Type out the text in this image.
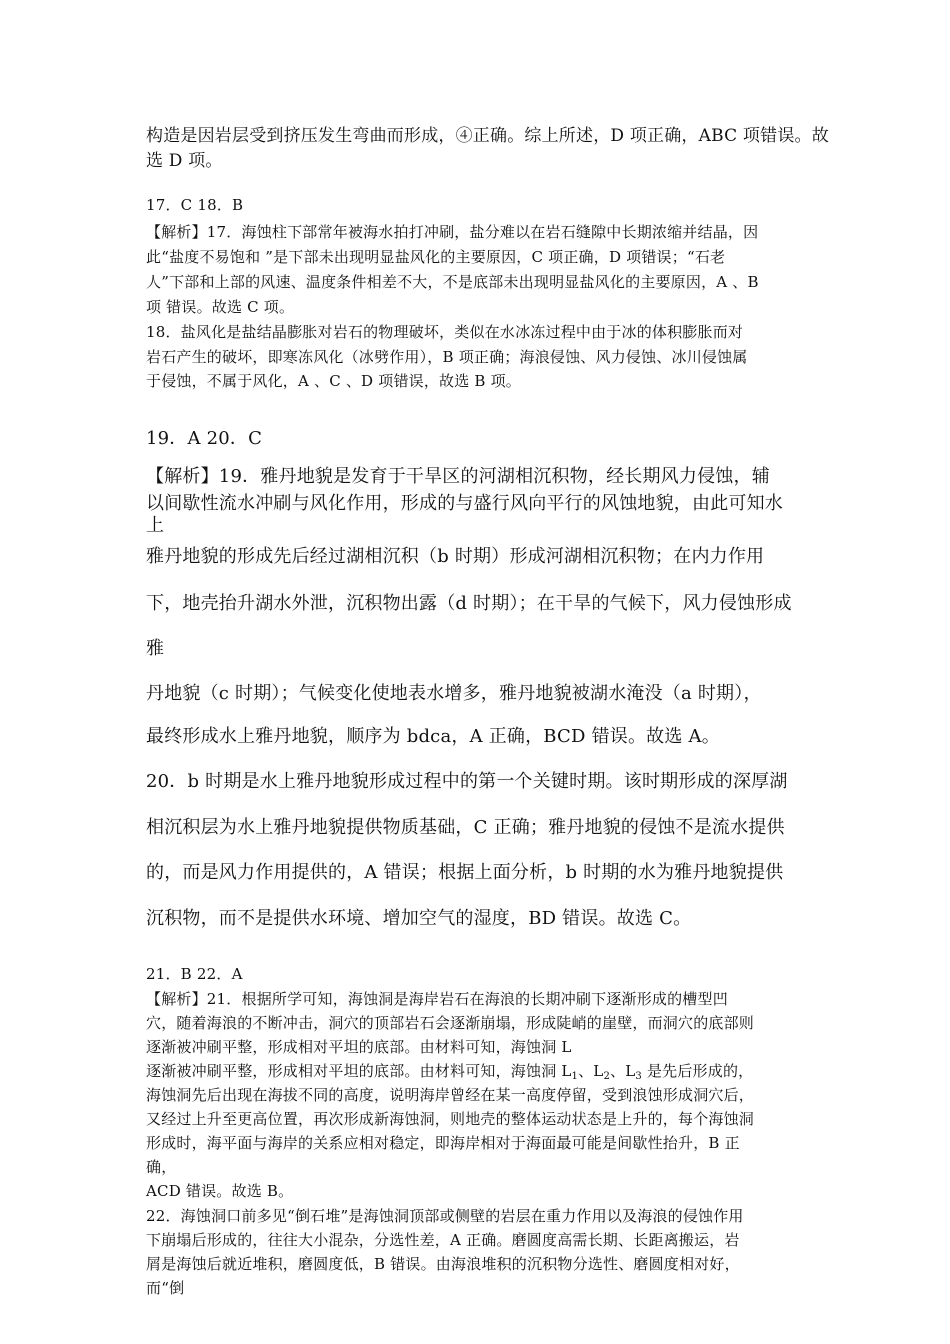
构造是因岩层受到挤压发生弯曲而形成，④正确。综上所述，D 项正确，ABC 项错误。故
选 D 项。
17．C 18．B
【解析】17．海蚀柱下部常年被海水拍打冲刷，盐分难以在岩石缝隙中长期浓缩并结晶，因
此“盐度不易饱和 ”是下部未出现明显盐风化的主要原因，C 项正确，D 项错误；“石老
人”下部和上部的风速、温度条件相差不大，不是底部未出现明显盐风化的主要原因，A 、B
项 错误。故选 C 项。
18．盐风化是盐结晶膨胀对岩石的物理破坏，类似在水冰冻过程中由于冰的体积膨胀而对
岩石产生的破坏，即寒冻风化（冰劈作用），B 项正确；海浪侵蚀、风力侵蚀、冰川侵蚀属
于侵蚀，不属于风化，A 、C 、D 项错误，故选 B 项。
19．A 20．C
【解析】19．雅丹地貌是发育于干旱区的河湖相沉积物，经长期风力侵蚀，辅
以间歇性流水冲刷与风化作用，形成的与盛行风向平行的风蚀地貌，由此可知水
上
雅丹地貌的形成先后经过湖相沉积（b 时期）形成河湖相沉积物；在内力作用
下，地壳抬升湖水外泄，沉积物出露（d 时期）；在干旱的气候下，风力侵蚀形成
雅
丹地貌（c 时期）；气候变化使地表水增多，雅丹地貌被湖水淹没（a 时期），
最终形成水上雅丹地貌，顺序为 bdca，A 正确，BCD 错误。故选 A。
20．b 时期是水上雅丹地貌形成过程中的第一个关键时期。该时期形成的深厚湖
相沉积层为水上雅丹地貌提供物质基础，C 正确；雅丹地貌的侵蚀不是流水提供
的，而是风力作用提供的，A 错误；根据上面分析，b 时期的水为雅丹地貌提供
沉积物，而不是提供水环境、增加空气的湿度，BD 错误。故选 C。
21．B 22．A
【解析】21．根据所学可知，海蚀洞是海岸岩石在海浪的长期冲刷下逐渐形成的槽型凹
穴，随着海浪的不断冲击，洞穴的顶部岩石会逐渐崩塌，形成陡峭的崖壁，而洞穴的底部则
逐渐被冲刷平整，形成相对平坦的底部。由材料可知，海蚀洞 L
逐渐被冲刷平整，形成相对平坦的底部。由材料可知，海蚀洞 $L_1$、$L_2$、$L_3$ 是先后形成的，
海蚀洞先后出现在海拔不同的高度，说明海岸曾经在某一高度停留，受到浪蚀形成洞穴后，
又经过上升至更高位置，再次形成新海蚀洞，则地壳的整体运动状态是上升的，每个海蚀洞
形成时，海平面与海岸的关系应相对稳定，即海岸相对于海面最可能是间歇性抬升，B 正
确，
ACD 错误。故选 B。
22．海蚀洞口前多见“倒石堆”是海蚀洞顶部或侧壁的岩层在重力作用以及海浪的侵蚀作用
下崩塌后形成的，往往大小混杂，分选性差，A 正确。磨圆度高需长期、长距离搬运，岩
屑是海蚀后就近堆积，磨圆度低，B 错误。由海浪堆积的沉积物分选性、磨圆度相对好，
而“倒
